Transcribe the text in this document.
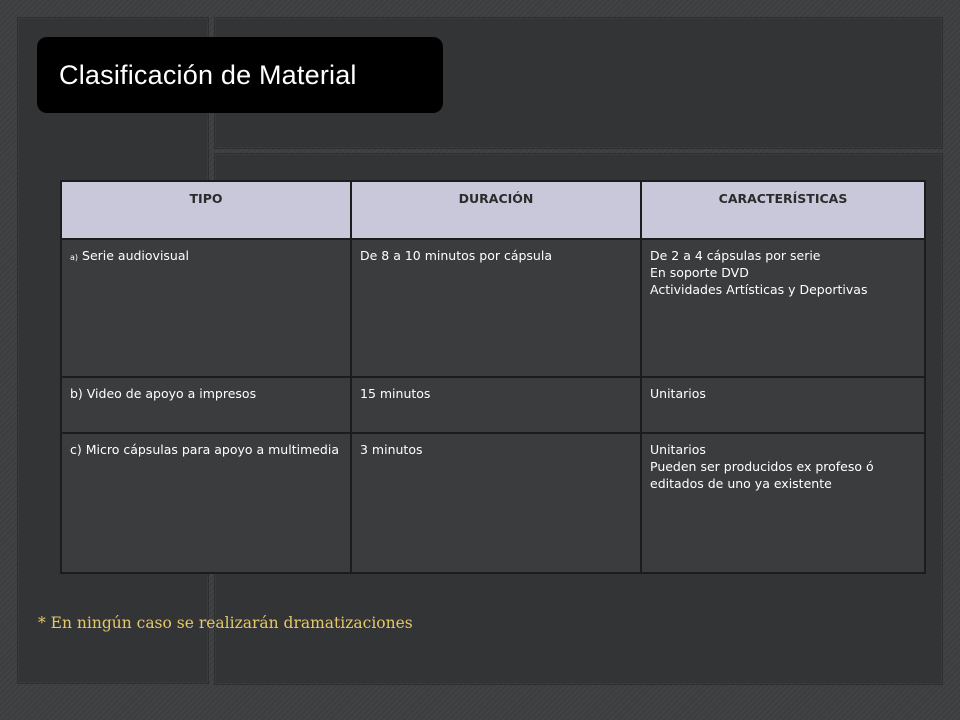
Clasificación de Material
TIPO	DURACIÓN	CARACTERÍSTICAS
a) Serie audiovisual	De 8 a 10 minutos por cápsula	De 2 a 4 cápsulas por serie
En soporte DVD
Actividades Artísticas y Deportivas

b) Video de apoyo a impresos	15 minutos	Unitarios

c) Micro cápsulas para apoyo a multimedia	3 minutos	Unitarios
Pueden ser producidos ex profeso ó editados de uno ya existente
* En ningún caso se realizarán dramatizaciones
